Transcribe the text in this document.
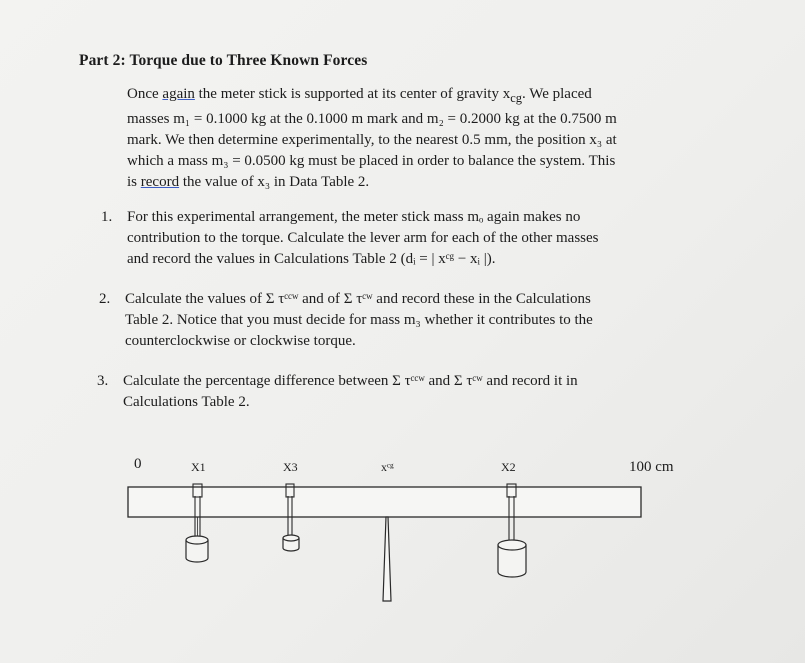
Part 2: Torque due to Three Known Forces
Once again the meter stick is supported at its center of gravity $x_{cg}$. We placed
masses m₁ = 0.1000 kg at the 0.1000 m mark and m₂ = 0.2000 kg at the 0.7500 m
mark. We then determine experimentally, to the nearest 0.5 mm, the position x₃ at
which a mass m₃ = 0.0500 kg must be placed in order to balance the system. This
is record the value of x₃ in Data Table 2.
1. For this experimental arrangement, the meter stick mass mₒ again makes no
contribution to the torque. Calculate the lever arm for each of the other masses
and record the values in Calculations Table 2 (dᵢ = | xᶜᵍ − xᵢ |).
2. Calculate the values of Σ τᶜᶜʷ and of Σ τᶜʷ and record these in the Calculations
Table 2. Notice that you must decide for mass m₃ whether it contributes to the
counterclockwise or clockwise torque.
3. Calculate the percentage difference between Σ τᶜᶜʷ and Σ τᶜʷ and record it in
Calculations Table 2.
0	X1	X3	xᶜᵍ	X2	100 cm
